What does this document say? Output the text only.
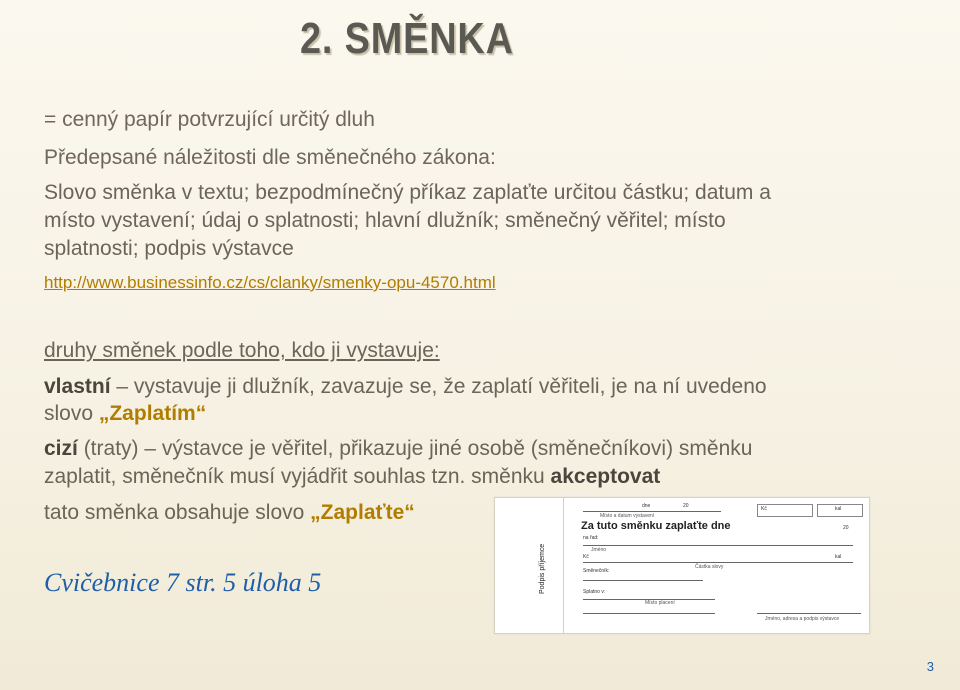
2. SMĚNKA
= cenný papír potvrzující určitý dluh
Předepsané náležitosti dle směnečného zákona:
Slovo směnka v textu; bezpodmínečný příkaz zaplaťte určitou částku; datum a
místo vystavení; údaj o splatnosti; hlavní dlužník; směnečný věřitel; místo
splatnosti; podpis výstavce
http://www.businessinfo.cz/cs/clanky/smenky-opu-4570.html
druhy směnek podle toho, kdo ji vystavuje:
vlastní – vystavuje ji dlužník, zavazuje se, že zaplatí věřiteli, je na ní uvedeno
slovo „Zaplatím“
cizí (traty) – výstavce je věřitel, přikazuje jiné osobě (směnečníkovi) směnku
zaplatit, směnečník musí vyjádřit souhlas tzn. směnku akceptovat
tato směnka obsahuje slovo „Zaplaťte“
Cvičebnice 7 str. 5 úloha 5	Podpis příjemce
dne	20
Místo a datum vystavení
Kč	kal
Za tuto směnku zaplaťte dne	20
na řad:
Jméno
Kč	kal
Částka slovy
Směnečník:
Splatno v:
Místo placení
Jméno, adresa a podpis výstavce
3
